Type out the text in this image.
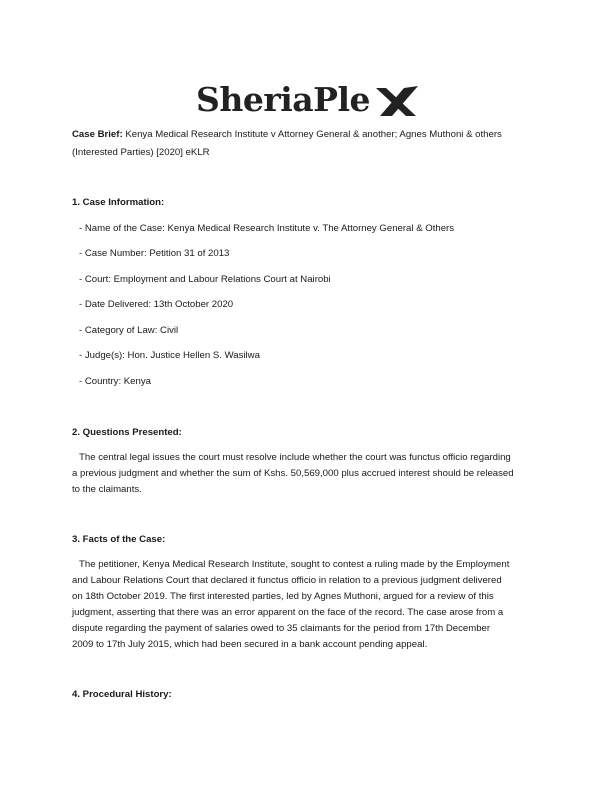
SheriaPle
Case Brief: Kenya Medical Research Institute v Attorney General & another; Agnes Muthoni & others
(Interested Parties) [2020] eKLR
1. Case Information:
- Name of the Case: Kenya Medical Research Institute v. The Attorney General & Others
- Case Number: Petition 31 of 2013
- Court: Employment and Labour Relations Court at Nairobi
- Date Delivered: 13th October 2020
- Category of Law: Civil
- Judge(s): Hon. Justice Hellen S. Wasilwa
- Country: Kenya
2. Questions Presented:
The central legal issues the court must resolve include whether the court was functus officio regarding
a previous judgment and whether the sum of Kshs. 50,569,000 plus accrued interest should be released
to the claimants.
3. Facts of the Case:
The petitioner, Kenya Medical Research Institute, sought to contest a ruling made by the Employment
and Labour Relations Court that declared it functus officio in relation to a previous judgment delivered
on 18th October 2019. The first interested parties, led by Agnes Muthoni, argued for a review of this
judgment, asserting that there was an error apparent on the face of the record. The case arose from a
dispute regarding the payment of salaries owed to 35 claimants for the period from 17th December
2009 to 17th July 2015, which had been secured in a bank account pending appeal.
4. Procedural History:
